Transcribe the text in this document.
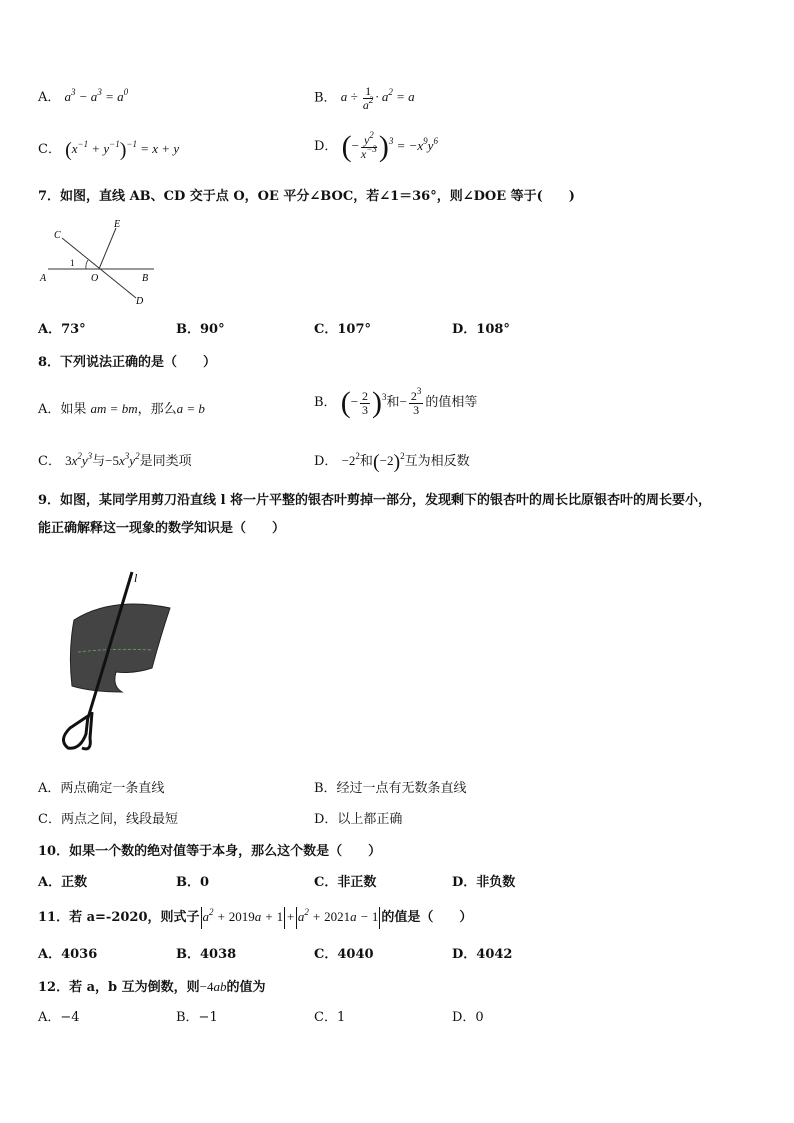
A． $a^3 - a^3 = a^0$	B． $a \div \frac{1}{a^2} \cdot a^2 = a$
C． $(x^{-1} + y^{-1})^{-1} = x + y$	D． (− $\frac{y^2}{x^{-3}} )^3 = -x^9y^6$
7．如图，直线 AB、CD 交于点 O，OE 平分∠BOC，若∠1＝36°，则∠DOE 等于(　　)
C
E
1
A	O	B
D
A．73°	B．90°	C．107°	D．108°
8．下列说法正确的是（　　）
A．如果 am = bm，那么a = b	B． (− $\frac{2}{3} )^3$和− $\frac{2^3}{3}$ 的值相等
C． $3x^2y^3$与$-5x^3y^2$是同类项	D． $-2^2$和$(-2)^2$互为相反数
9．如图，某同学用剪刀沿直线 l 将一片平整的银杏叶剪掉一部分，发现剩下的银杏叶的周长比原银杏叶的周长要小，
能正确解释这一现象的数学知识是（　　）
l
A．两点确定一条直线	B．经过一点有无数条直线
C．两点之间，线段最短	D．以上都正确
10．如果一个数的绝对值等于本身，那么这个数是（　　）
A．正数	B．0	C．非正数	D．非负数
11．若 a=-2020，则式子 $a^2 + 2019a + 1 + a^2 + 2021a - 1$ 的值是（　　）
A．4036	B．4038	C．4040	D．4042
12．若 a，b 互为倒数，则−4ab的值为
A．−4	B．−1	C．1	D．0
